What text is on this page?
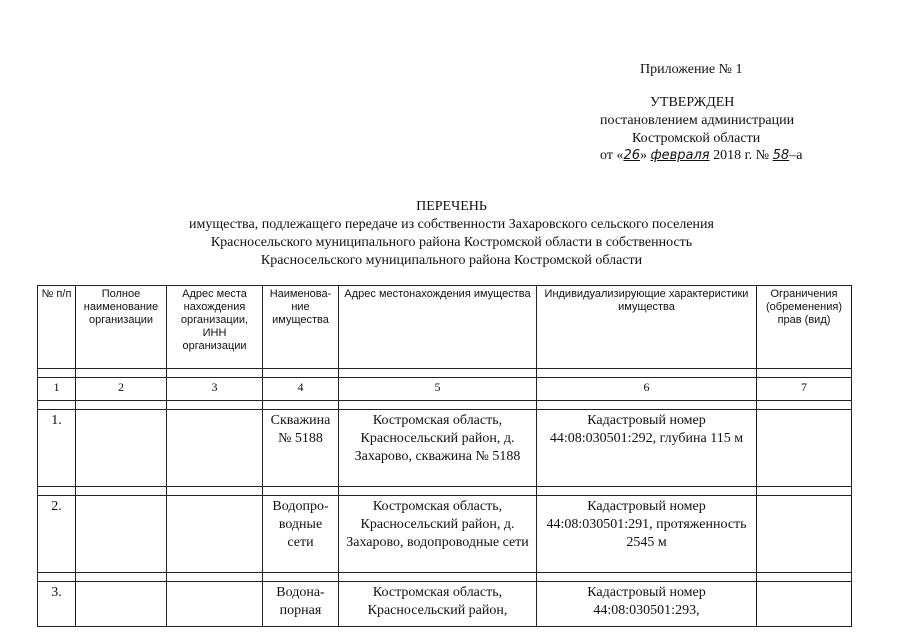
Приложение № 1
УТВЕРЖДЕН
постановлением администрации
Костромской области
от «26» февраля 2018 г. № 58–а
ПЕРЕЧЕНЬ
имущества, подлежащего передаче из собственности Захаровского сельского поселения
Красносельского муниципального района Костромской области в собственность
Красносельского муниципального района Костромской области
№ п/п	Полное наименование организации	Адрес места нахождения организации, ИНН организации	Наименова-ние имущества	Адрес местонахождения имущества	Индивидуализирующие характеристики имущества	Ограничения (обременения) прав (вид)

1	2	3	4	5	6	7

1.			Скважина № 5188	Костромская область, Красносельский район, д. Захарово, скважина № 5188	Кадастровый номер 44:08:030501:292, глубина 115 м	

2.			Водопро-водные сети	Костромская область, Красносельский район, д. Захарово, водопроводные сети	Кадастровый номер 44:08:030501:291, протяженность 2545 м	

3.			Водона-порная	Костромская область, Красносельский район,	Кадастровый номер 44:08:030501:293,	
